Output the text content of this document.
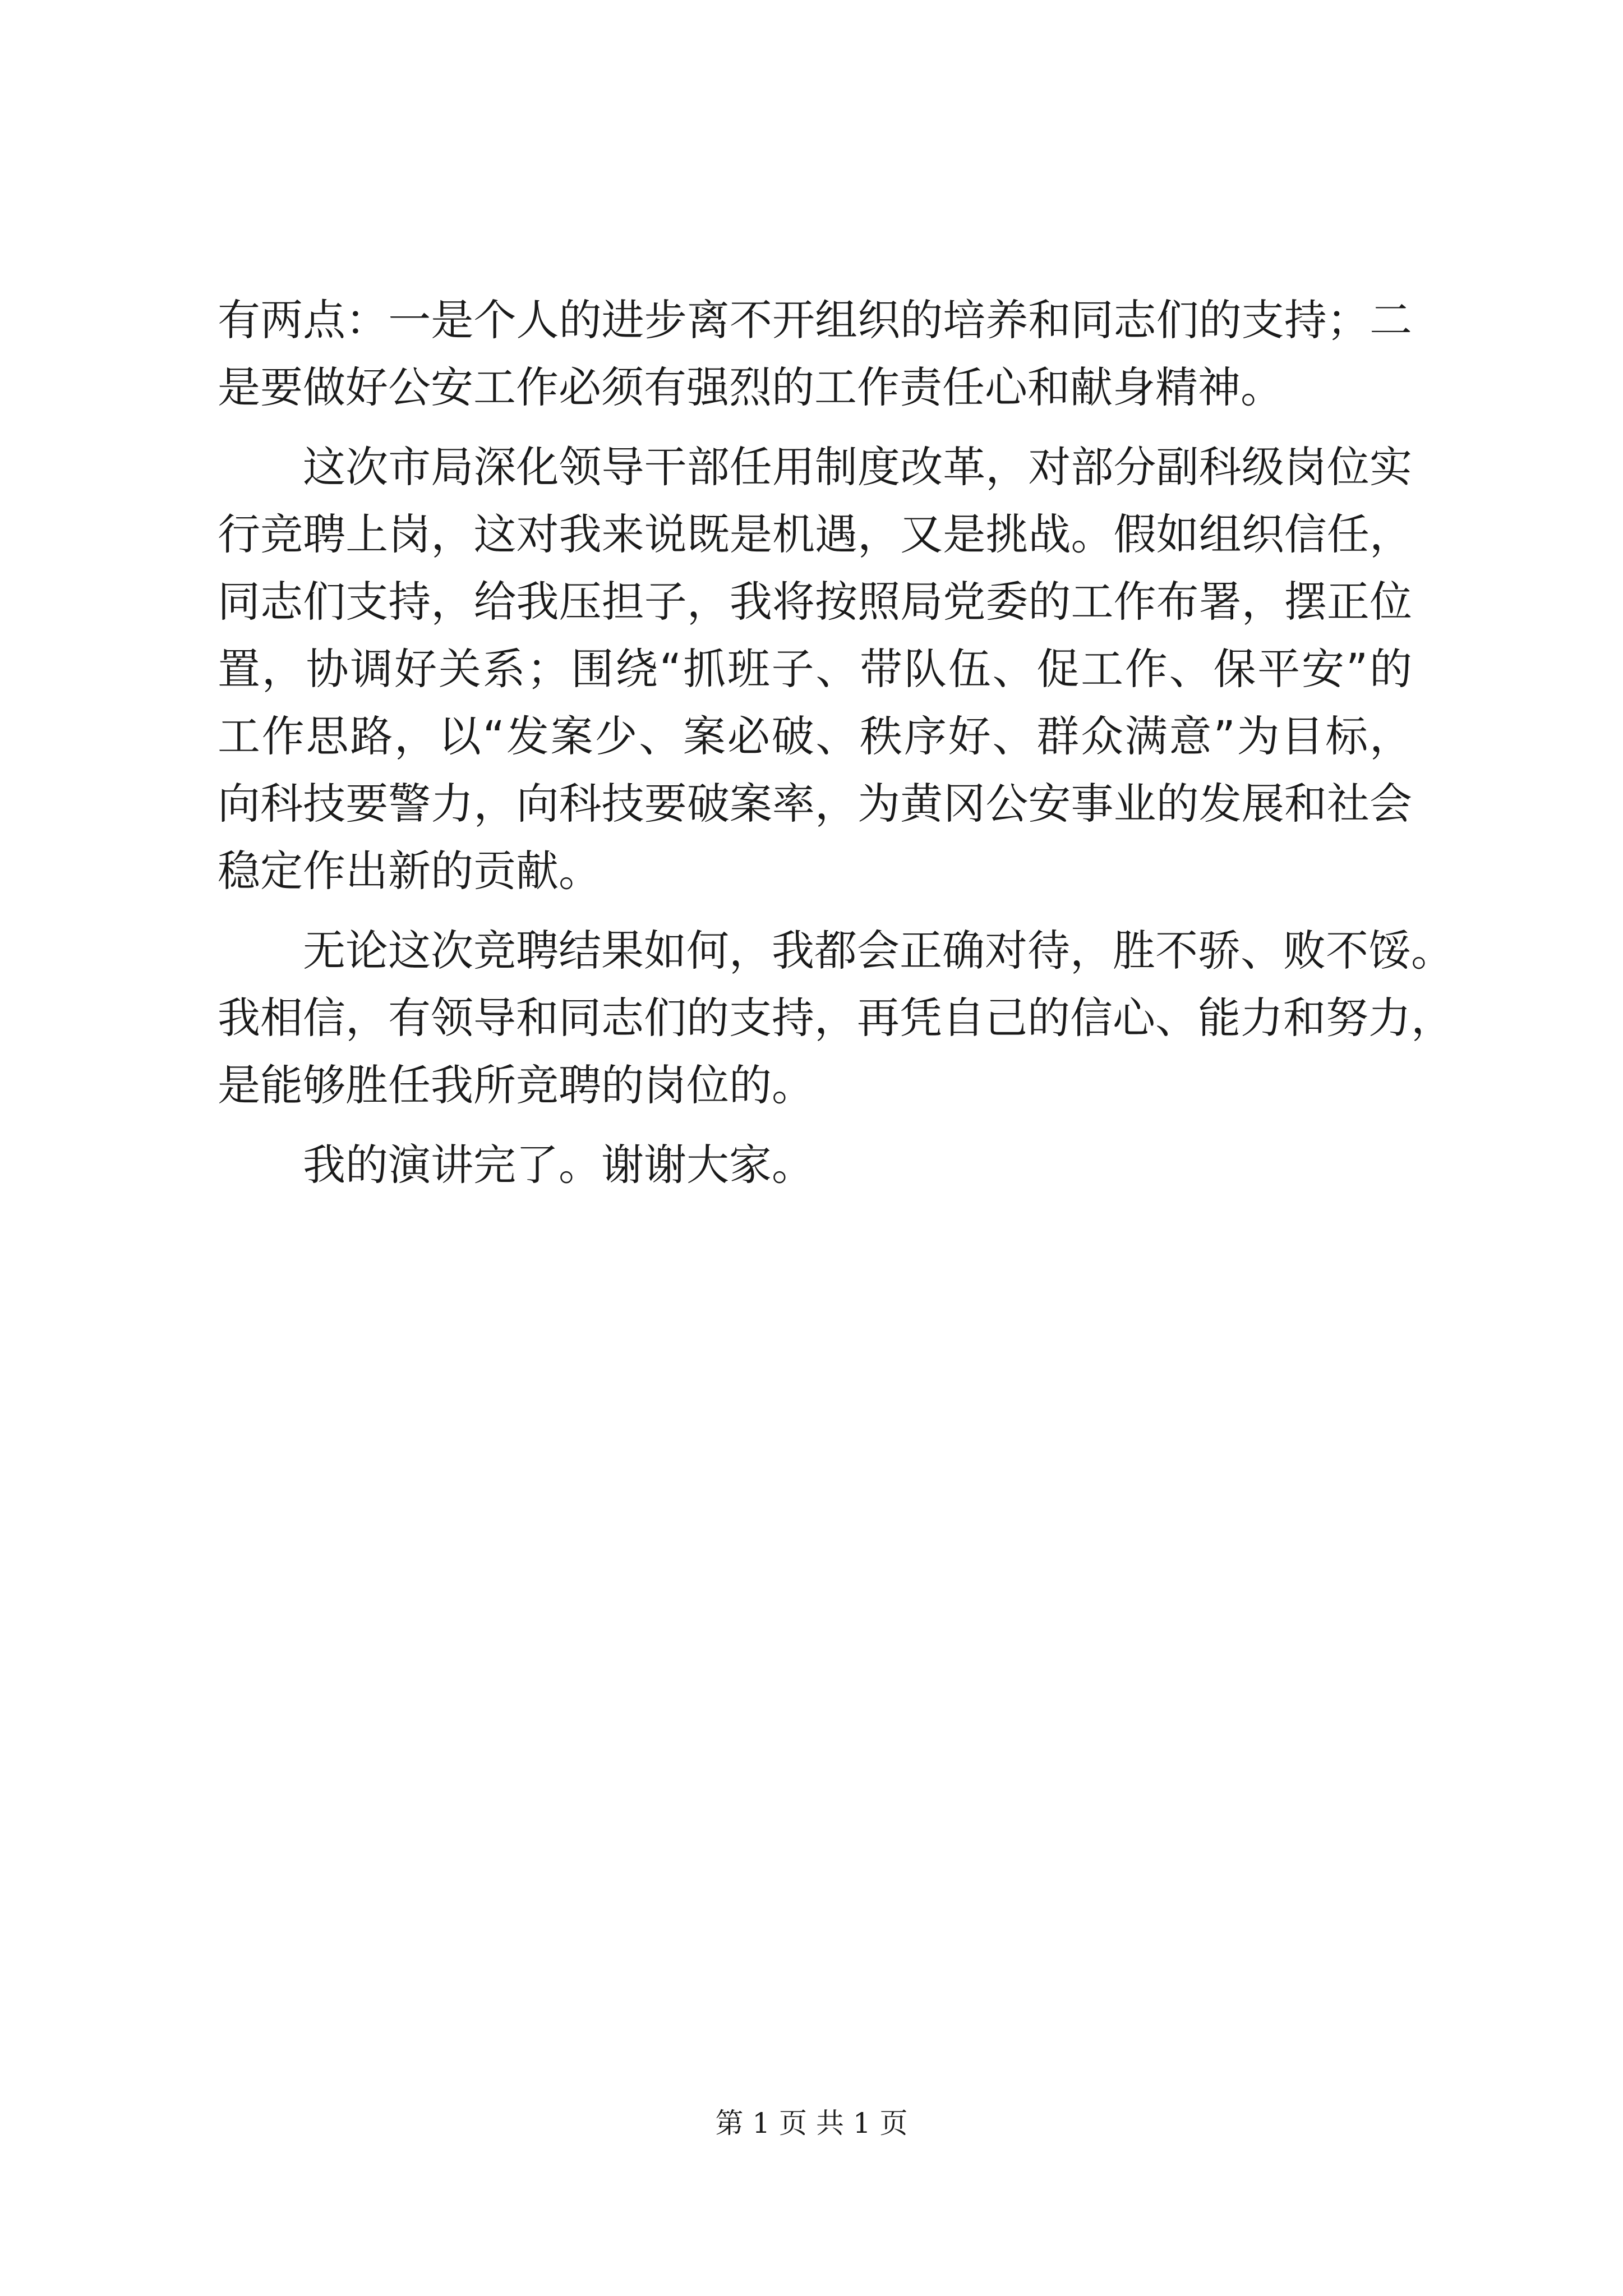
有两点：一是个人的进步离不开组织的培养和同志们的支持；二
是要做好公安工作必须有强烈的工作责任心和献身精神。
这次市局深化领导干部任用制度改革，对部分副科级岗位实
行竞聘上岗，这对我来说既是机遇，又是挑战。假如组织信任，
同志们支持，给我压担子，我将按照局党委的工作布署，摆正位
置，协调好关系；围绕“抓班子、带队伍、促工作、保平安”的
工作思路，以“发案少、案必破、秩序好、群众满意”为目标，
向科技要警力，向科技要破案率，为黄冈公安事业的发展和社会
稳定作出新的贡献。
无论这次竞聘结果如何，我都会正确对待，胜不骄、败不馁。
我相信，有领导和同志们的支持，再凭自己的信心、能力和努力，
是能够胜任我所竞聘的岗位的。
我的演讲完了。谢谢大家。
第 1 页 共 1 页
